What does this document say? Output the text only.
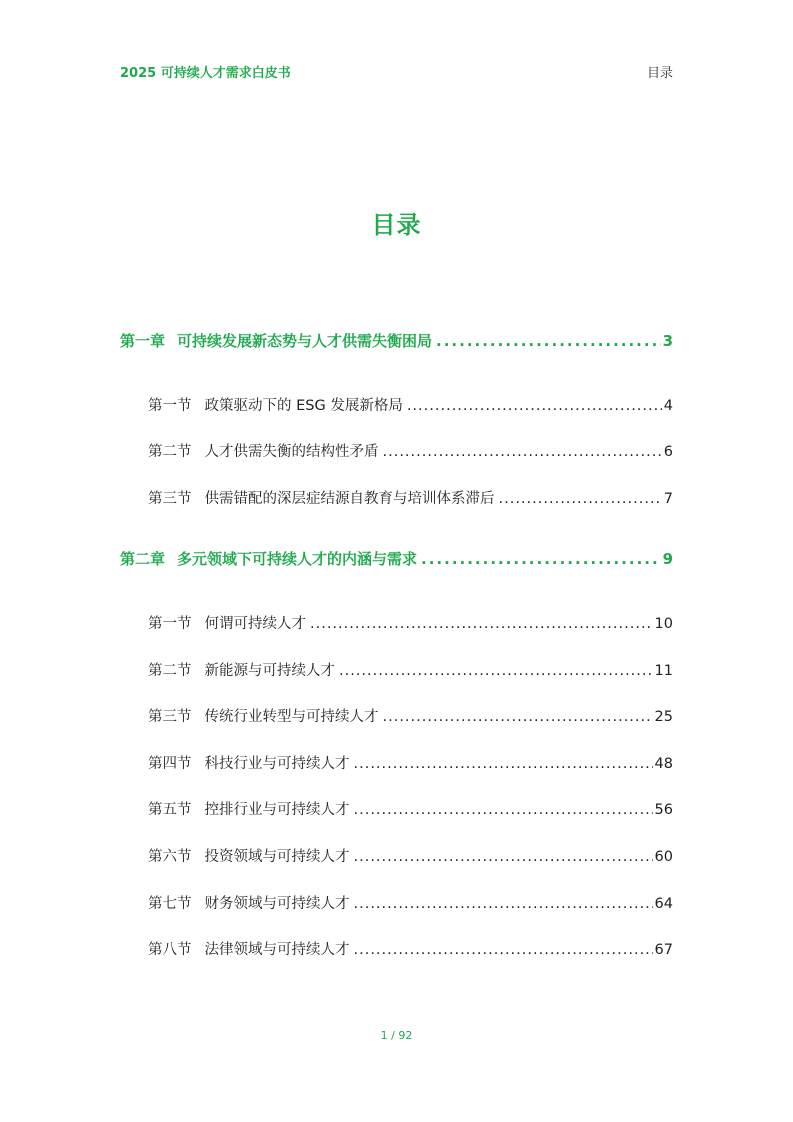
2025 可持续人才需求白皮书	目录
目录
第一章 可持续发展新态势与人才供需失衡困局 .....	3
第一节 政策驱动下的 ESG 发展新格局 .....	4
第二节 人才供需失衡的结构性矛盾 .....	6
第三节 供需错配的深层症结源自教育与培训体系滞后 .....	7
第二章 多元领域下可持续人才的内涵与需求 .....	9
第一节 何谓可持续人才 .....	10
第二节 新能源与可持续人才 .....	11
第三节 传统行业转型与可持续人才 .....	25
第四节 科技行业与可持续人才 .....	48
第五节 控排行业与可持续人才 .....	56
第六节 投资领域与可持续人才 .....	60
第七节 财务领域与可持续人才 .....	64
第八节 法律领域与可持续人才 .....	67
1 / 92
